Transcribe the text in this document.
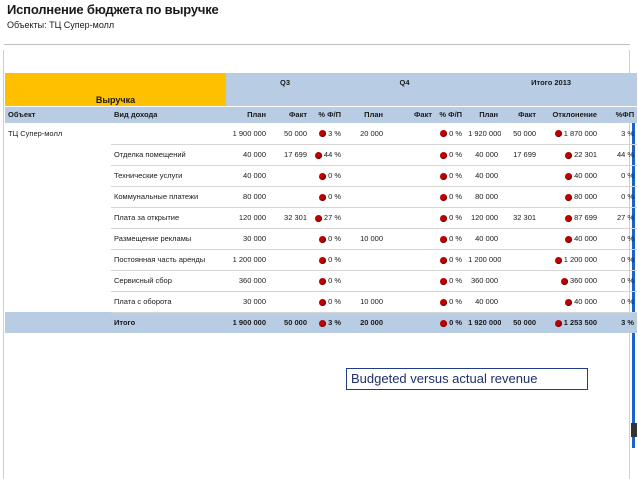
Исполнение бюджета по выручке
Объекты: ТЦ Супер-молл
		Q3			Q4			Итого 2013			
Выручка											
Объект	Вид дохода	План	Факт	% Ф/П	План	Факт	% Ф/П	План	Факт	Отклонение	%ФП
ТЦ Супер-молл		1 900 000	50 000	3 %	20 000		0 %	1 920 000	50 000	1 870 000	3 %
	Отделка помещений	40 000	17 699	44 %			0 %	40 000	17 699	22 301	44 %
	Технические услуги	40 000		0 %			0 %	40 000		40 000	0 %
	Коммунальные платежи	80 000		0 %			0 %	80 000		80 000	0 %
	Плата за открытие	120 000	32 301	27 %			0 %	120 000	32 301	87 699	27 %
	Размещение рекламы	30 000		0 %	10 000		0 %	40 000		40 000	0 %
	Постоянная часть аренды	1 200 000		0 %			0 %	1 200 000		1 200 000	0 %
	Сервисный сбор	360 000		0 %			0 %	360 000		360 000	0 %
	Плата с оборота	30 000		0 %	10 000		0 %	40 000		40 000	0 %
	Итого	1 900 000	50 000	3 %	20 000		0 %	1 920 000	50 000	1 253 500	3 %
Budgeted versus actual revenue
